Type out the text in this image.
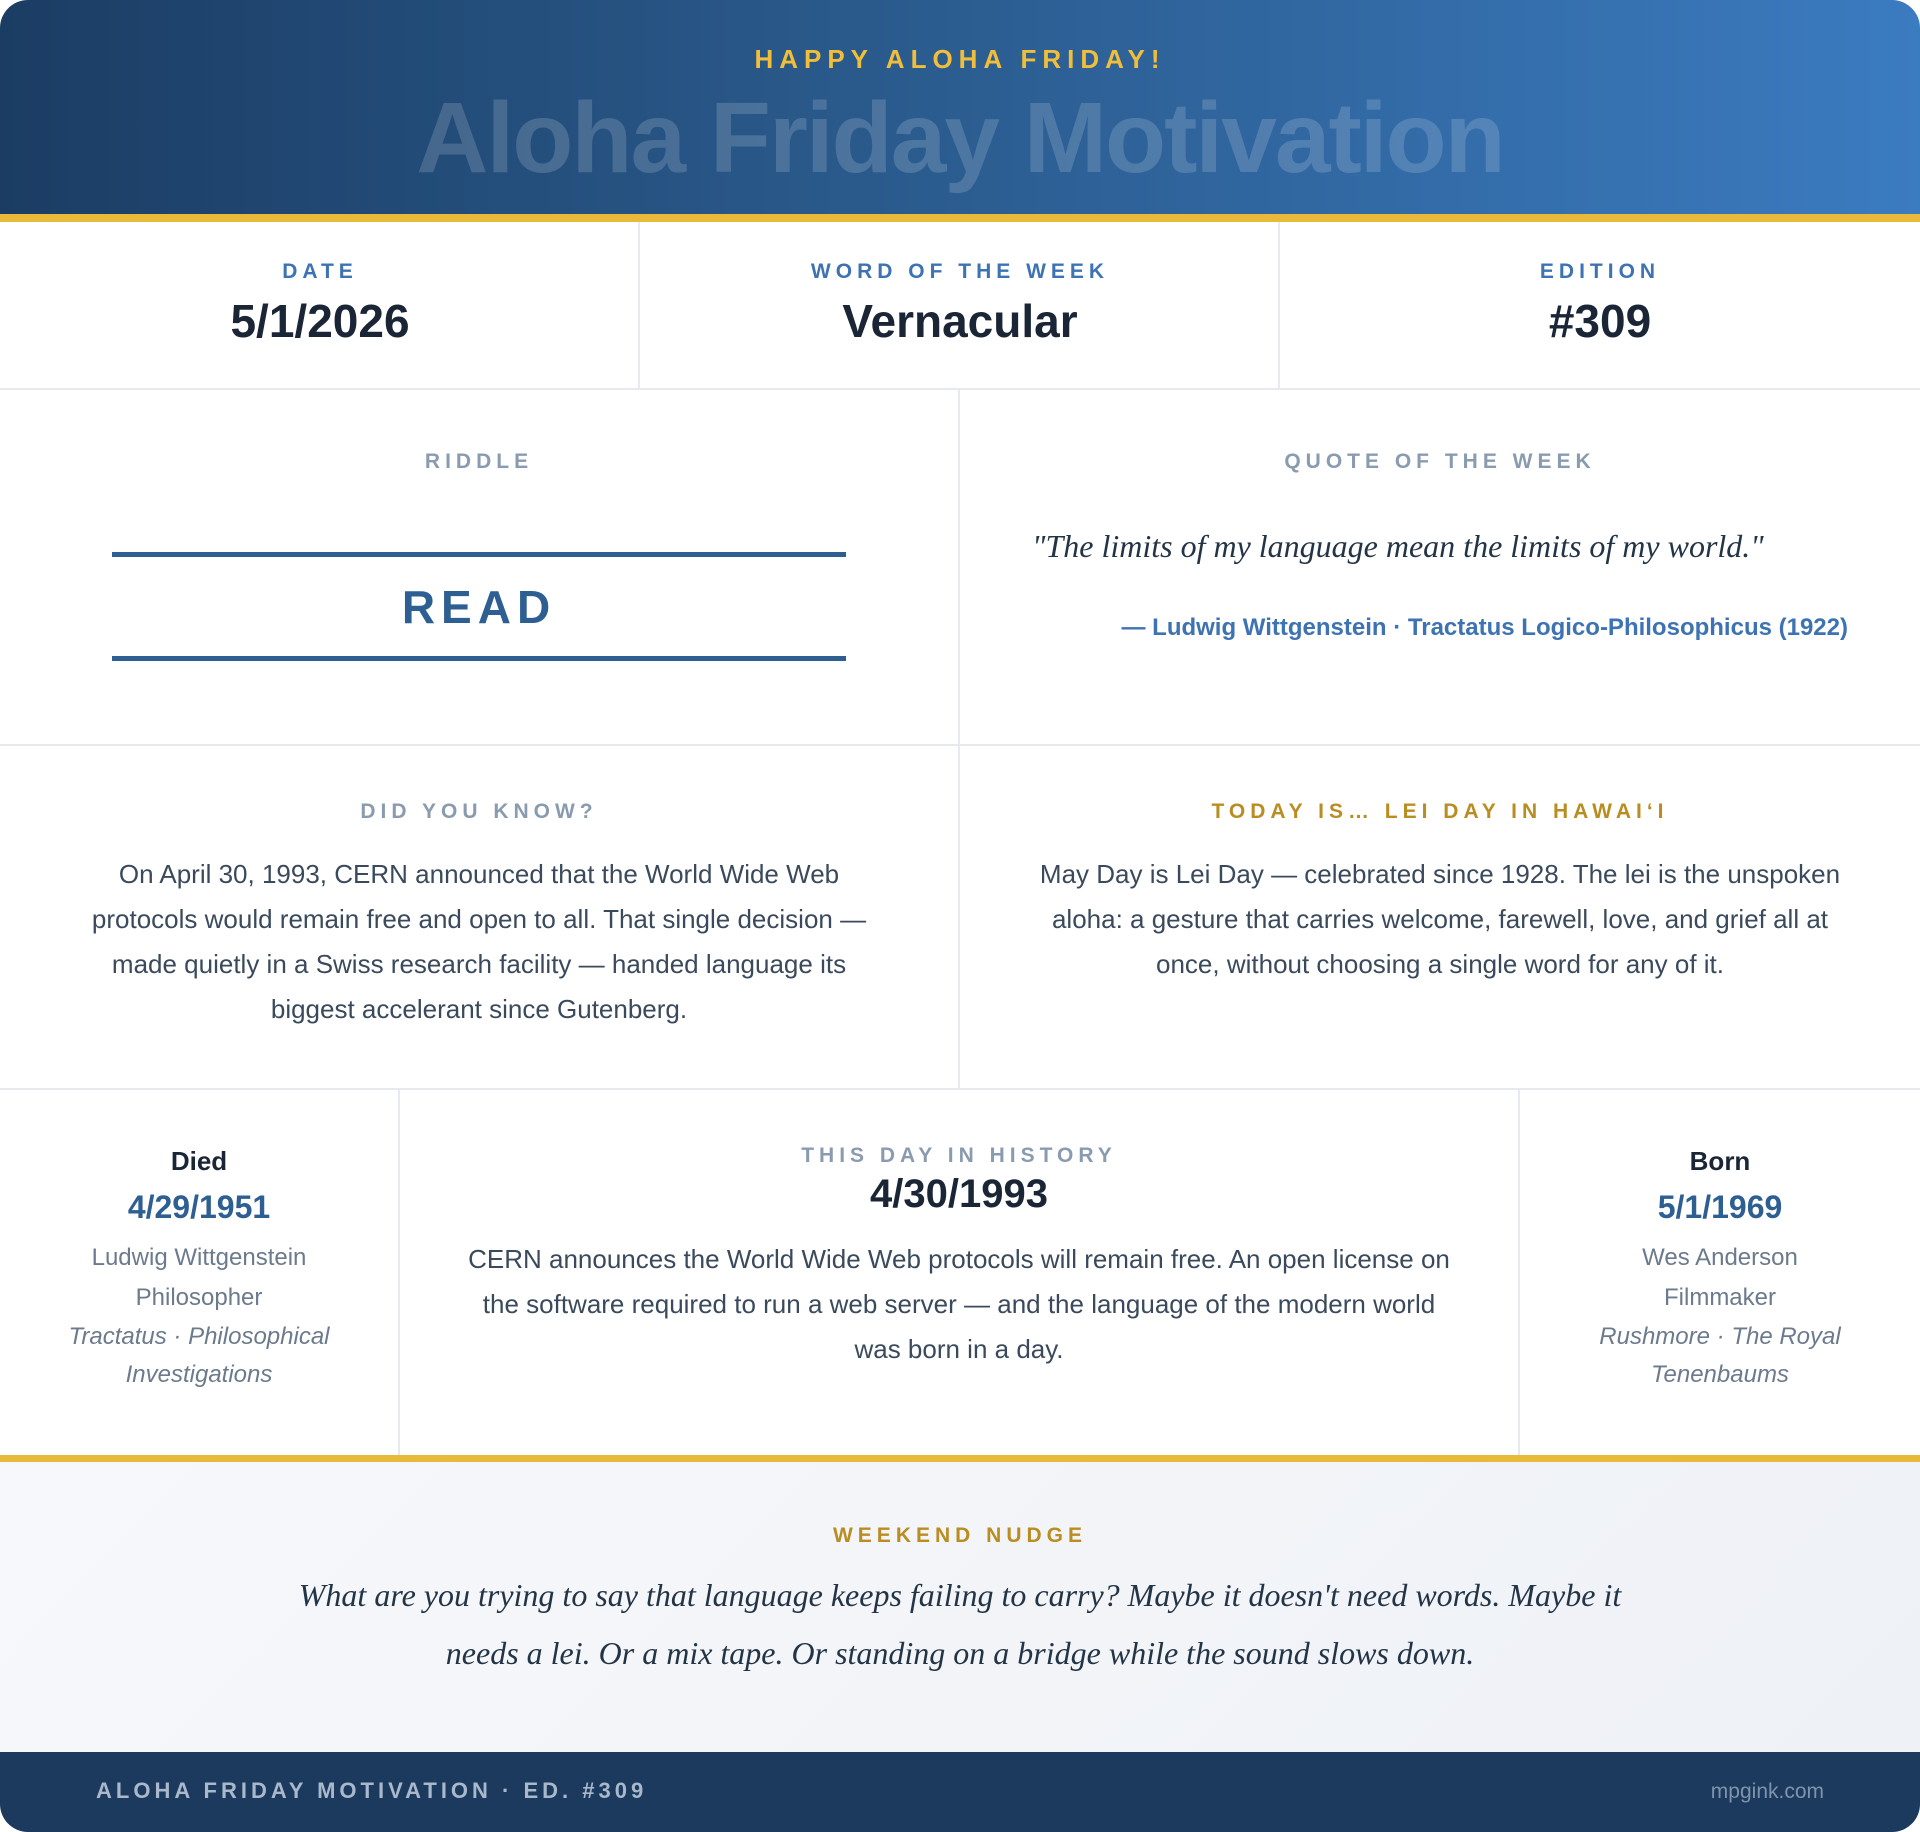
HAPPY ALOHA FRIDAY!
Aloha Friday Motivation
DATE
5/1/2026
WORD OF THE WEEK
Vernacular
EDITION
#309
RIDDLE
READ
QUOTE OF THE WEEK
"The limits of my language mean the limits of my world."
— Ludwig Wittgenstein · Tractatus Logico-Philosophicus (1922)
DID YOU KNOW?
On April 30, 1993, CERN announced that the World Wide Web protocols would remain free and open to all. That single decision — made quietly in a Swiss research facility — handed language its biggest accelerant since Gutenberg.
TODAY IS… LEI DAY IN HAWAI‘I
May Day is Lei Day — celebrated since 1928. The lei is the unspoken aloha: a gesture that carries welcome, farewell, love, and grief all at once, without choosing a single word for any of it.
Died
4/29/1951
Ludwig Wittgenstein
Philosopher
Tractatus · Philosophical Investigations
THIS DAY IN HISTORY
4/30/1993
CERN announces the World Wide Web protocols will remain free. An open license on the software required to run a web server — and the language of the modern world was born in a day.
Born
5/1/1969
Wes Anderson
Filmmaker
Rushmore · The Royal Tenenbaums
WEEKEND NUDGE
What are you trying to say that language keeps failing to carry? Maybe it doesn't need words. Maybe it needs a lei. Or a mix tape. Or standing on a bridge while the sound slows down.
ALOHA FRIDAY MOTIVATION · ED. #309	mpgink.com
